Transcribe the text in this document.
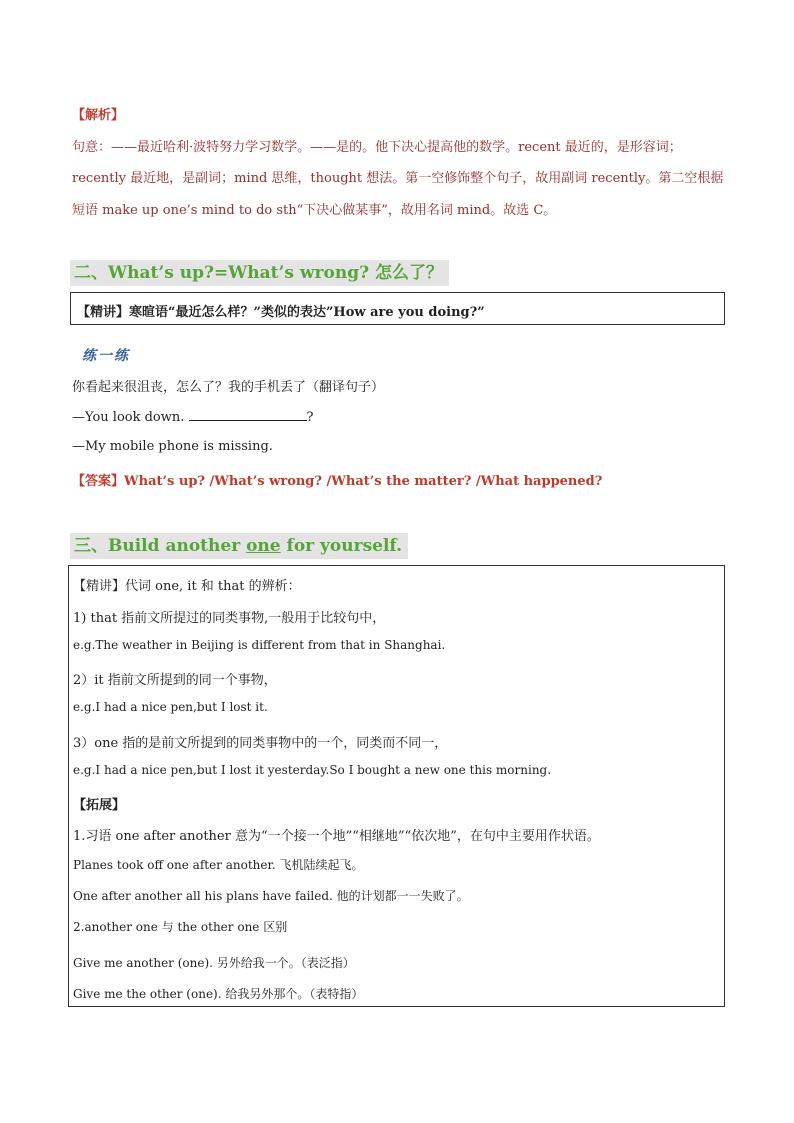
【解析】
句意：——最近哈利·波特努力学习数学。——是的。他下决心提高他的数学。recent 最近的，是形容词；
recently 最近地，是副词；mind 思维，thought 想法。第一空修饰整个句子，故用副词 recently。第二空根据
短语 make up one’s mind to do sth“下决心做某事”，故用名词 mind。故选 C。
二、What’s up?=What’s wrong? 怎么了？
【精讲】寒暄语“最近怎么样？”类似的表达”How are you doing?”
练一练
你看起来很沮丧，怎么了？我的手机丢了（翻译句子）
—You look down.	?
—My mobile phone is missing.
【答案】What’s up? /What’s wrong? /What’s the matter? /What happened?
三、Build another one for yourself.
【精讲】代词 one, it 和 that 的辨析：
1) that 指前文所提过的同类事物,一般用于比较句中，
e.g.The weather in Beijing is different from that in Shanghai.
2）it 指前文所提到的同一个事物，
e.g.I had a nice pen,but I lost it.
3）one 指的是前文所提到的同类事物中的一个，同类而不同一，
e.g.I had a nice pen,but I lost it yesterday.So I bought a new one this morning.
【拓展】
1.习语 one after another 意为“一个接一个地”“相继地”“依次地”，在句中主要用作状语。
Planes took off one after another. 飞机陆续起飞。
One after another all his plans have failed. 他的计划都一一失败了。
2.another one 与 the other one 区别
Give me another (one). 另外给我一个。（表泛指）
Give me the other (one). 给我另外那个。（表特指）
